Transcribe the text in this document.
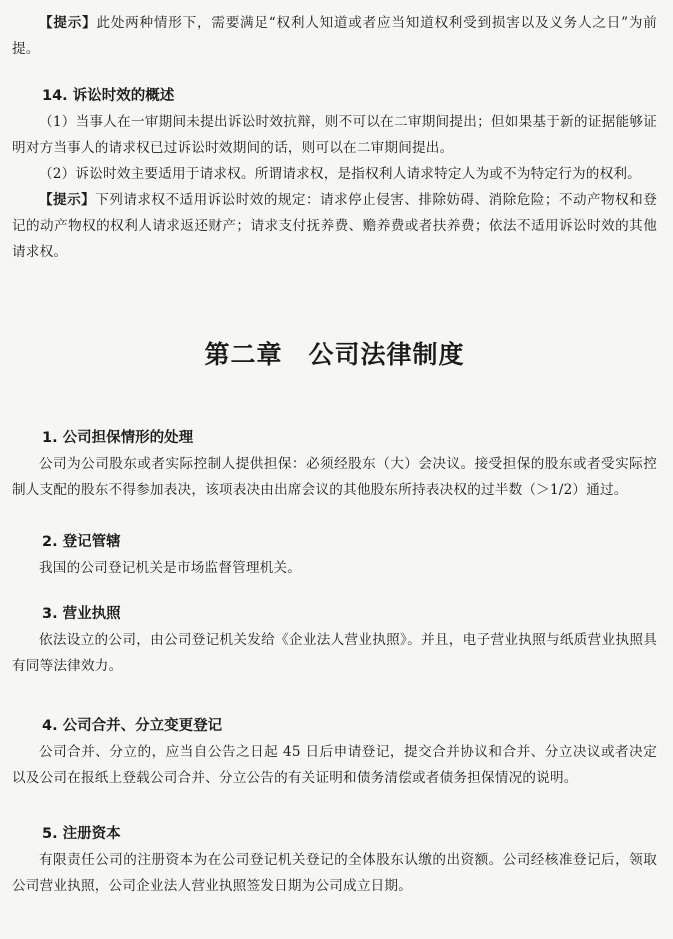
【提示】此处两种情形下，需要满足“权利人知道或者应当知道权利受到损害以及义务人之日”为前提。

14. 诉讼时效的概述

（1）当事人在一审期间未提出诉讼时效抗辩，则不可以在二审期间提出；但如果基于新的证据能够证明对方当事人的请求权已过诉讼时效期间的话，则可以在二审期间提出。

（2）诉讼时效主要适用于请求权。所谓请求权，是指权利人请求特定人为或不为特定行为的权利。

【提示】下列请求权不适用诉讼时效的规定：请求停止侵害、排除妨碍、消除危险；不动产物权和登记的动产物权的权利人请求返还财产；请求支付抚养费、赡养费或者扶养费；依法不适用诉讼时效的其他请求权。

第二章　公司法律制度
1. 公司担保情形的处理

公司为公司股东或者实际控制人提供担保：必须经股东（大）会决议。接受担保的股东或者受实际控制人支配的股东不得参加表决，该项表决由出席会议的其他股东所持表决权的过半数（＞1/2）通过。

2. 登记管辖

我国的公司登记机关是市场监督管理机关。

3. 营业执照

依法设立的公司，由公司登记机关发给《企业法人营业执照》。并且，电子营业执照与纸质营业执照具有同等法律效力。

4. 公司合并、分立变更登记

公司合并、分立的，应当自公告之日起 45 日后申请登记，提交合并协议和合并、分立决议或者决定以及公司在报纸上登载公司合并、分立公告的有关证明和债务清偿或者债务担保情况的说明。

5. 注册资本

有限责任公司的注册资本为在公司登记机关登记的全体股东认缴的出资额。公司经核准登记后，领取公司营业执照，公司企业法人营业执照签发日期为公司成立日期。
